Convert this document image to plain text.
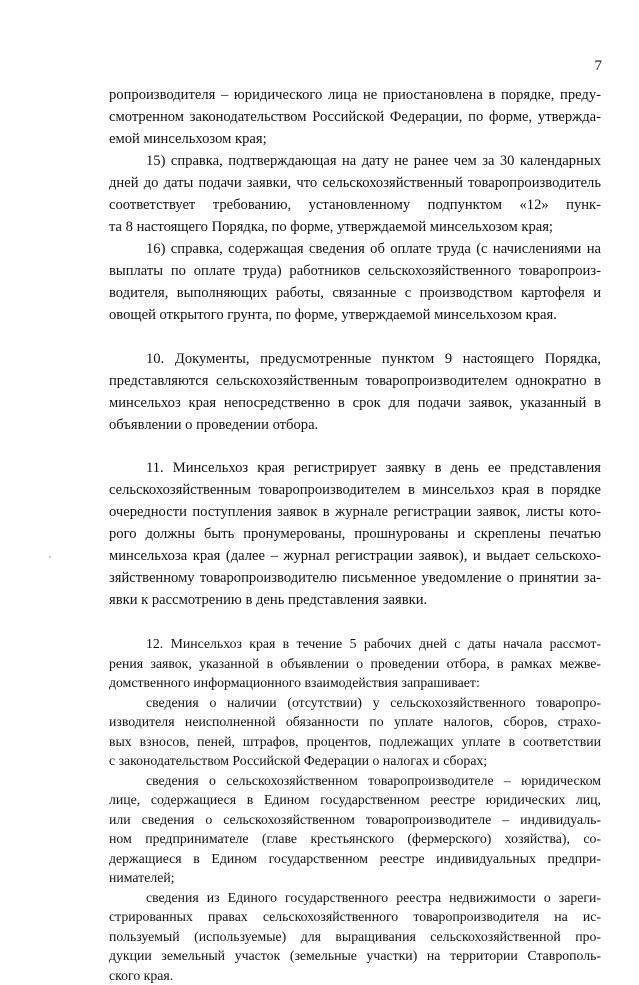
7
ропроизводителя – юридического лица не приостановлена в порядке, преду-
смотренном законодательством Российской Федерации, по форме, утвержда-
емой минсельхозом края;
15) справка, подтверждающая на дату не ранее чем за 30 календарных
дней до даты подачи заявки, что сельскохозяйственный товаропроизводитель
соответствует требованию, установленному подпунктом «12» пунк-
та 8 настоящего Порядка, по форме, утверждаемой минсельхозом края;
16) справка, содержащая сведения об оплате труда (с начислениями на
выплаты по оплате труда) работников сельскохозяйственного товаропроиз-
водителя, выполняющих работы, связанные с производством картофеля и
овощей открытого грунта, по форме, утверждаемой минсельхозом края.
10. Документы, предусмотренные пунктом 9 настоящего Порядка,
представляются сельскохозяйственным товаропроизводителем однократно в
минсельхоз края непосредственно в срок для подачи заявок, указанный в
объявлении о проведении отбора.
11. Минсельхоз края регистрирует заявку в день ее представления
сельскохозяйственным товаропроизводителем в минсельхоз края в порядке
очередности поступления заявок в журнале регистрации заявок, листы кото-
рого должны быть пронумерованы, прошнурованы и скреплены печатью
минсельхоза края (далее – журнал регистрации заявок), и выдает сельскохо-
зяйственному товаропроизводителю письменное уведомление о принятии за-
явки к рассмотрению в день представления заявки.
12. Минсельхоз края в течение 5 рабочих дней с даты начала рассмот-
рения заявок, указанной в объявлении о проведении отбора, в рамках межве-
домственного информационного взаимодействия запрашивает:
сведения о наличии (отсутствии) у сельскохозяйственного товаропро-
изводителя неисполненной обязанности по уплате налогов, сборов, страхо-
вых взносов, пеней, штрафов, процентов, подлежащих уплате в соответствии
с законодательством Российской Федерации о налогах и сборах;
сведения о сельскохозяйственном товаропроизводителе – юридическом
лице, содержащиеся в Едином государственном реестре юридических лиц,
или сведения о сельскохозяйственном товаропроизводителе – индивидуаль-
ном предпринимателе (главе крестьянского (фермерского) хозяйства), со-
держащиеся в Едином государственном реестре индивидуальных предпри-
нимателей;
сведения из Единого государственного реестра недвижимости о зареги-
стрированных правах сельскохозяйственного товаропроизводителя на ис-
пользуемый (используемые) для выращивания сельскохозяйственной про-
дукции земельный участок (земельные участки) на территории Ставрополь-
ского края.
